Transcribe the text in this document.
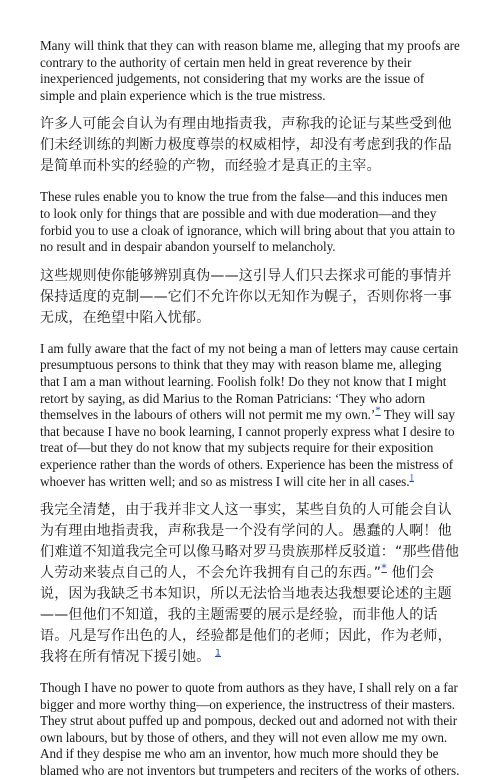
Many will think that they can with reason blame me, alleging that my proofs are contrary to the authority of certain men held in great reverence by their inexperienced judgements, not considering that my works are the issue of simple and plain experience which is the true mistress.

许多人可能会自认为有理由地指责我，声称我的论证与某些受到他们未经训练的判断力极度尊崇的权威相悖，却没有考虑到我的作品是简单而朴实的经验的产物，而经验才是真正的主宰。

These rules enable you to know the true from the false—and this induces men to look only for things that are possible and with due moderation—and they forbid you to use a cloak of ignorance, which will bring about that you attain to no result and in despair abandon yourself to melancholy.

这些规则使你能够辨别真伪——这引导人们只去探求可能的事情并保持适度的克制——它们不允许你以无知作为幌子，否则你将一事无成，在绝望中陷入忧郁。

I am fully aware that the fact of my not being a man of letters may cause certain presumptuous persons to think that they may with reason blame me, alleging that I am a man without learning. Foolish folk! Do they not know that I might retort by saying, as did Marius to the Roman Patricians: ‘They who adorn themselves in the labours of others will not permit me my own.’* They will say that because I have no book learning, I cannot properly express what I desire to treat of—but they do not know that my subjects require for their exposition experience rather than the words of others. Experience has been the mistress of whoever has written well; and so as mistress I will cite her in all cases.$^1$

我完全清楚，由于我并非文人这一事实，某些自负的人可能会自认为有理由地指责我，声称我是一个没有学问的人。愚蠢的人啊！他们难道不知道我完全可以像马略对罗马贵族那样反驳道：“那些借他人劳动来装点自己的人，不会允许我拥有自己的东西。”* 他们会说，因为我缺乏书本知识，所以无法恰当地表达我想要论述的主题——但他们不知道，我的主题需要的展示是经验，而非他人的话语。凡是写作出色的人，经验都是他们的老师；因此，作为老师，我将在所有情况下援引她。 $^1$

Though I have no power to quote from authors as they have, I shall rely on a far bigger and more worthy thing—on experience, the instructress of their masters. They strut about puffed up and pompous, decked out and adorned not with their own labours, but by those of others, and they will not even allow me my own. And if they despise me who am an inventor, how much more should they be blamed who are not inventors but trumpeters and reciters of the works of others.
